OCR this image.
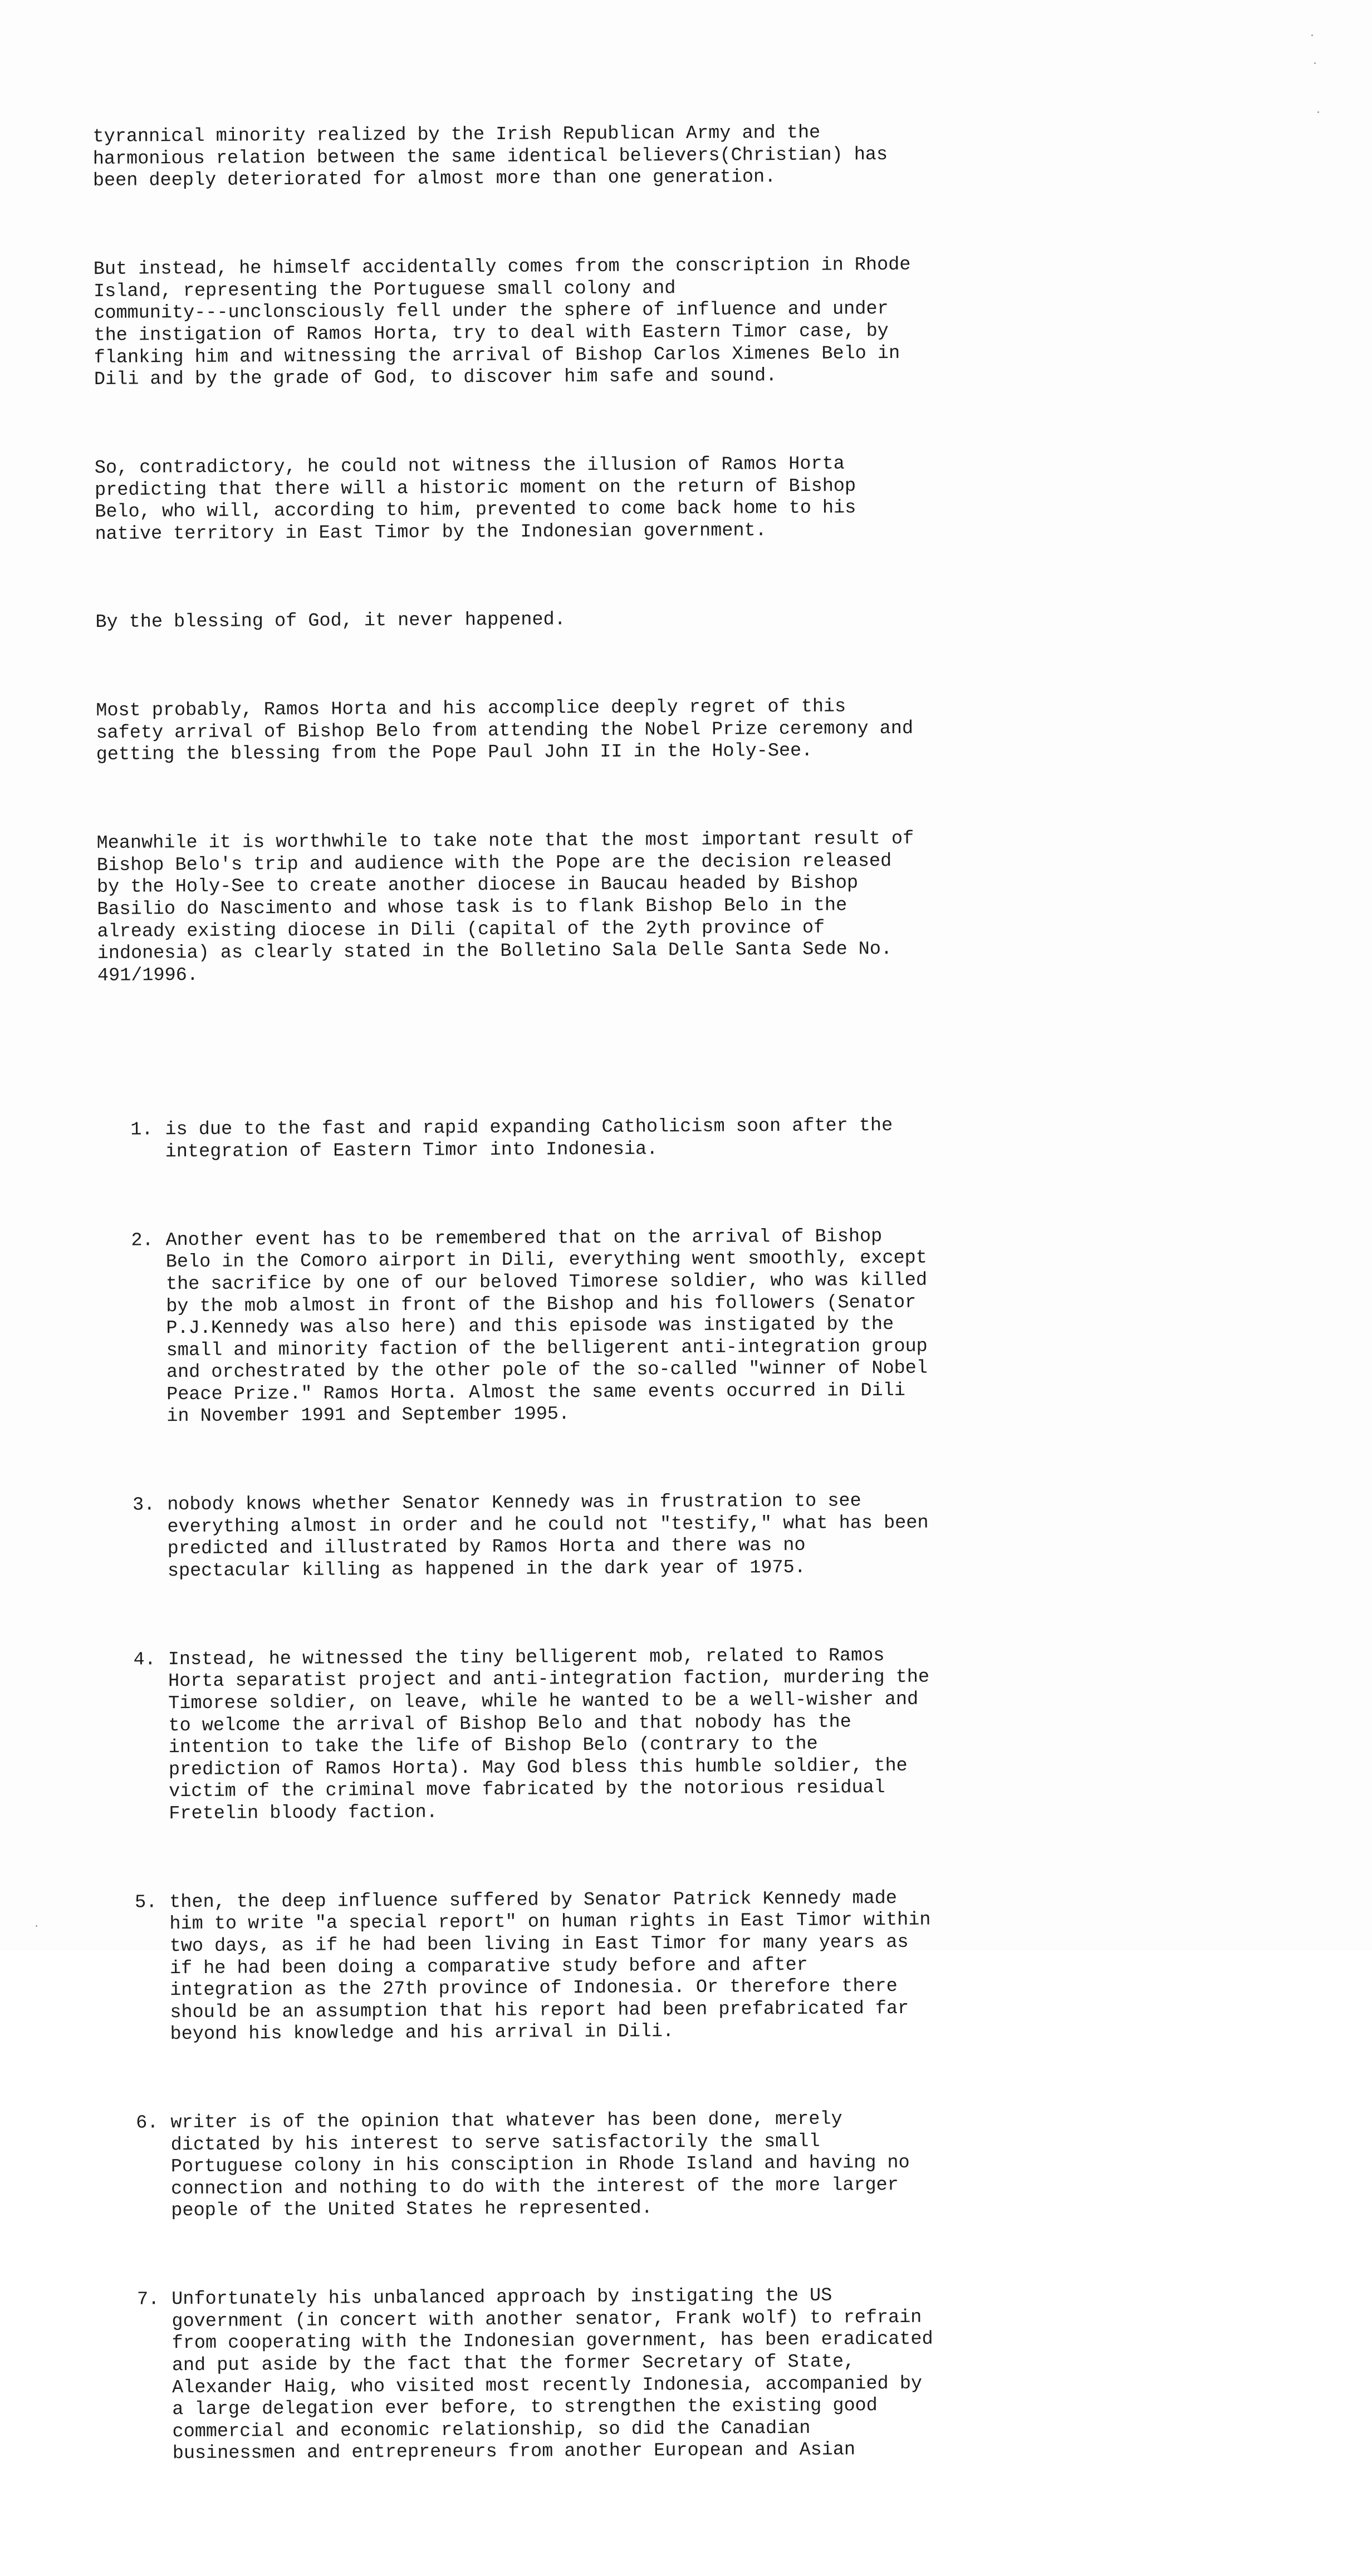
tyrannical minority realized by the Irish Republican Army and the
harmonious relation between the same identical believers(Christian) has
been deeply deteriorated for almost more than one generation.

But instead, he himself accidentally comes from the conscription in Rhode
Island, representing the Portuguese small colony and
community---unclonsciously fell under the sphere of influence and under
the instigation of Ramos Horta, try to deal with Eastern Timor case, by
flanking him and witnessing the arrival of Bishop Carlos Ximenes Belo in
Dili and by the grade of God, to discover him safe and sound.

So, contradictory, he could not witness the illusion of Ramos Horta
predicting that there will a historic moment on the return of Bishop
Belo, who will, according to him, prevented to come back home to his
native territory in East Timor by the Indonesian government.

By the blessing of God, it never happened.

Most probably, Ramos Horta and his accomplice deeply regret of this
safety arrival of Bishop Belo from attending the Nobel Prize ceremony and
getting the blessing from the Pope Paul John II in the Holy-See.

Meanwhile it is worthwhile to take note that the most important result of
Bishop Belo's trip and audience with the Pope are the decision released
by the Holy-See to create another diocese in Baucau headed by Bishop
Basilio do Nascimento and whose task is to flank Bishop Belo in the
already existing diocese in Dili (capital of the 2yth province of
indonesia) as clearly stated in the Bolletino Sala Delle Santa Sede No.
491/1996.

1. is due to the fast and rapid expanding Catholicism soon after the
integration of Eastern Timor into Indonesia.

2. Another event has to be remembered that on the arrival of Bishop
Belo in the Comoro airport in Dili, everything went smoothly, except
the sacrifice by one of our beloved Timorese soldier, who was killed
by the mob almost in front of the Bishop and his followers (Senator
P.J.Kennedy was also here) and this episode was instigated by the
small and minority faction of the belligerent anti-integration group
and orchestrated by the other pole of the so-called "winner of Nobel
Peace Prize." Ramos Horta. Almost the same events occurred in Dili
in November 1991 and September 1995.

3. nobody knows whether Senator Kennedy was in frustration to see
everything almost in order and he could not "testify," what has been
predicted and illustrated by Ramos Horta and there was no
spectacular killing as happened in the dark year of 1975.

4. Instead, he witnessed the tiny belligerent mob, related to Ramos
Horta separatist project and anti-integration faction, murdering the
Timorese soldier, on leave, while he wanted to be a well-wisher and
to welcome the arrival of Bishop Belo and that nobody has the
intention to take the life of Bishop Belo (contrary to the
prediction of Ramos Horta). May God bless this humble soldier, the
victim of the criminal move fabricated by the notorious residual
Fretelin bloody faction.

5. then, the deep influence suffered by Senator Patrick Kennedy made
him to write "a special report" on human rights in East Timor within
two days, as if he had been living in East Timor for many years as
if he had been doing a comparative study before and after
integration as the 27th province of Indonesia. Or therefore there
should be an assumption that his report had been prefabricated far
beyond his knowledge and his arrival in Dili.

6. writer is of the opinion that whatever has been done, merely
dictated by his interest to serve satisfactorily the small
Portuguese colony in his consciption in Rhode Island and having no
connection and nothing to do with the interest of the more larger
people of the United States he represented.

7. Unfortunately his unbalanced approach by instigating the US
government (in concert with another senator, Frank wolf) to refrain
from cooperating with the Indonesian government, has been eradicated
and put aside by the fact that the former Secretary of State,
Alexander Haig, who visited most recently Indonesia, accompanied by
a large delegation ever before, to strengthen the existing good
commercial and economic relationship, so did the Canadian
businessmen and entrepreneurs from another European and Asian
